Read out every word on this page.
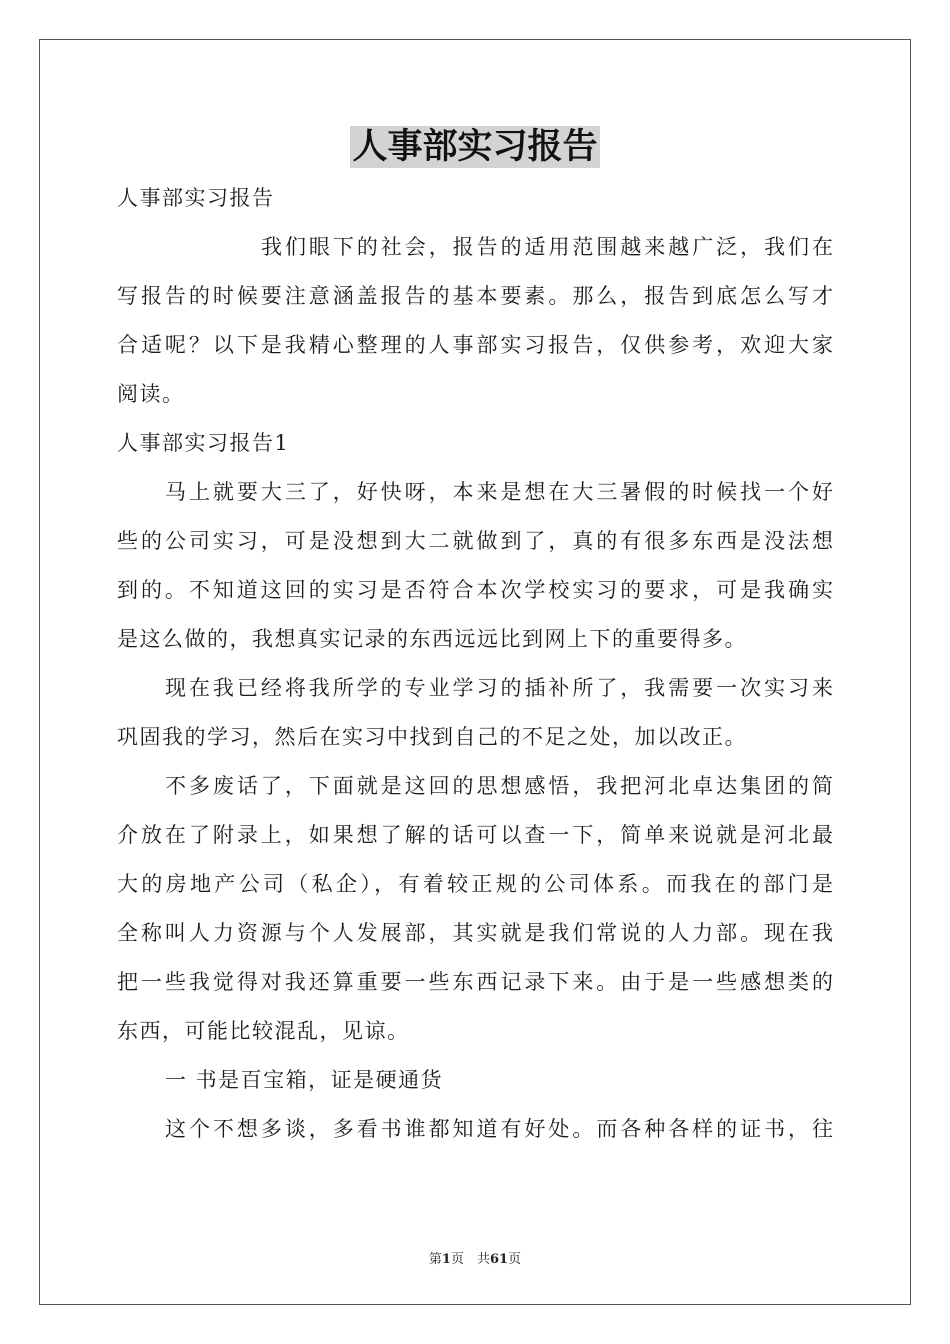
人事部实习报告
人事部实习报告
我们眼下的社会，报告的适用范围越来越广泛，我们在
写报告的时候要注意涵盖报告的基本要素。那么，报告到底怎么写才
合适呢？以下是我精心整理的人事部实习报告，仅供参考，欢迎大家
阅读。
人事部实习报告1
马上就要大三了，好快呀，本来是想在大三暑假的时候找一个好
些的公司实习，可是没想到大二就做到了，真的有很多东西是没法想
到的。不知道这回的实习是否符合本次学校实习的要求，可是我确实
是这么做的，我想真实记录的东西远远比到网上下的重要得多。
现在我已经将我所学的专业学习的插补所了，我需要一次实习来
巩固我的学习，然后在实习中找到自己的不足之处，加以改正。
不多废话了，下面就是这回的思想感悟，我把河北卓达集团的简
介放在了附录上，如果想了解的话可以查一下，简单来说就是河北最
大的房地产公司（私企），有着较正规的公司体系。而我在的部门是
全称叫人力资源与个人发展部，其实就是我们常说的人力部。现在我
把一些我觉得对我还算重要一些东西记录下来。由于是一些感想类的
东西，可能比较混乱，见谅。
一 书是百宝箱，证是硬通货
这个不想多谈，多看书谁都知道有好处。而各种各样的证书，往
第1页　共61页
